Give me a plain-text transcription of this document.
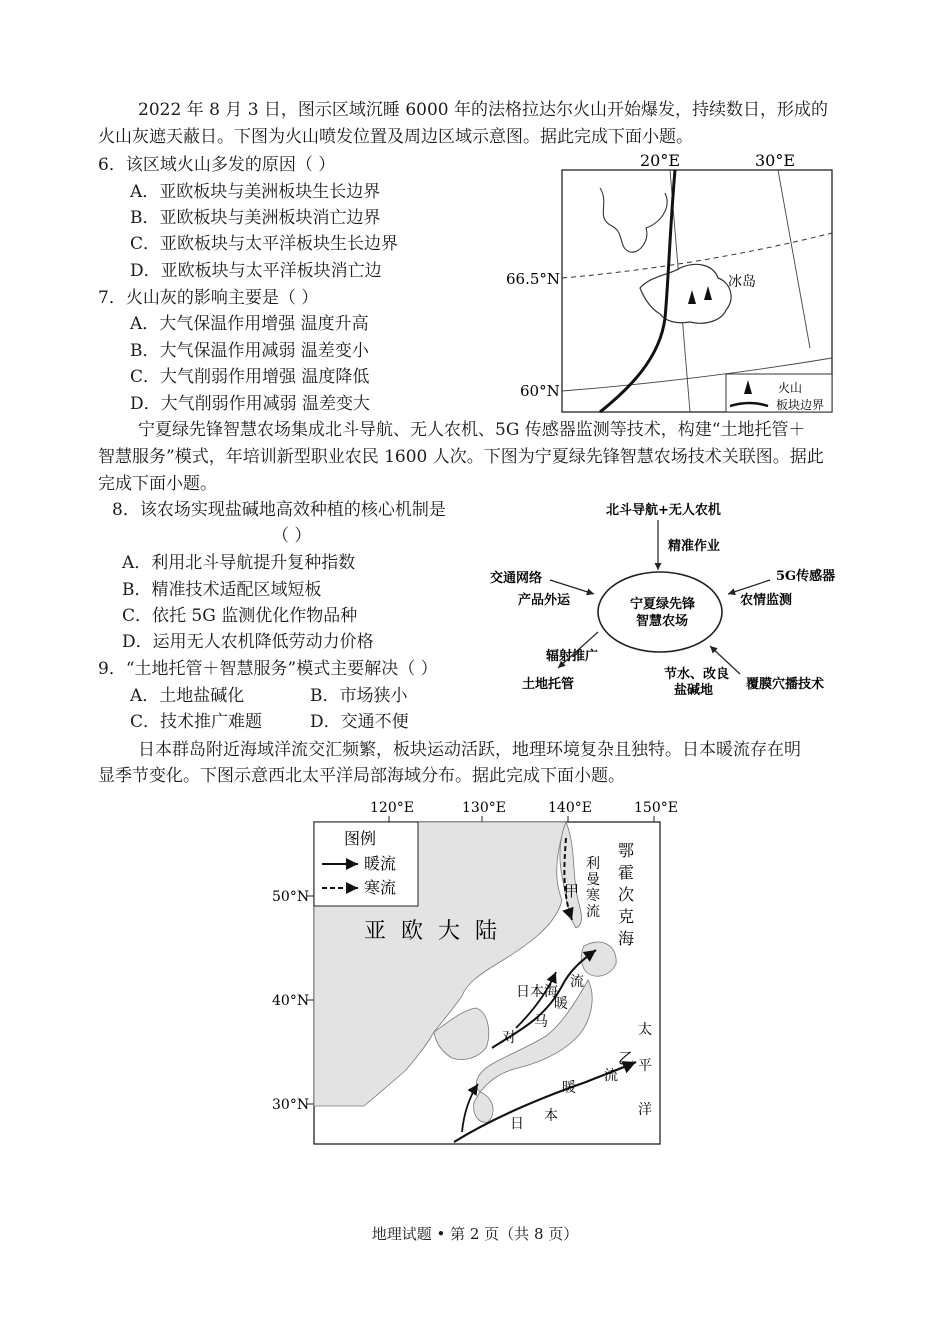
2022 年 8 月 3 日，图示区域沉睡 6000 年的法格拉达尔火山开始爆发，持续数日，形成的
火山灰遮天蔽日。下图为火山喷发位置及周边区域示意图。据此完成下面小题。
6．该区域火山多发的原因（ ）
A．亚欧板块与美洲板块生长边界
B．亚欧板块与美洲板块消亡边界
C．亚欧板块与太平洋板块生长边界
D．亚欧板块与太平洋板块消亡边
7．火山灰的影响主要是（ ）
A．大气保温作用增强 温度升高
B．大气保温作用减弱 温差变小
C．大气削弱作用增强 温度降低
D．大气削弱作用减弱 温差变大
20°E	30°E
66.5°N
60°N
冰岛
火山
板块边界
宁夏绿先锋智慧农场集成北斗导航、无人农机、5G 传感器监测等技术，构建“土地托管＋
智慧服务”模式，年培训新型职业农民 1600 人次。下图为宁夏绿先锋智慧农场技术关联图。据此
完成下面小题。
8．该农场实现盐碱地高效种植的核心机制是
（ ）
A．利用北斗导航提升复种指数
B．精准技术适配区域短板
C．依托 5G 监测优化作物品种
D．运用无人农机降低劳动力价格
北斗导航+无人农机
精准作业
宁夏绿先锋
智慧农场
交通网络
产品外运
5G传感器
农情监测
辐射推广
土地托管
节水、改良
盐碱地	覆膜穴播技术
9．“土地托管＋智慧服务”模式主要解决（ ）
A．土地盐碱化	B．市场狭小
C．技术推广难题	D．交通不便
日本群岛附近海域洋流交汇频繁，板块运动活跃，地理环境复杂且独特。日本暖流存在明
显季节变化。下图示意西北太平洋局部海域分布。据此完成下面小题。
120°E	130°E	140°E	150°E
50°N
40°N
30°N
图例
暖流
寒流
亚 欧 大 陆
鄂
霍
次
克
海
利
曼
寒
流
甲
日本海
对
马
暖
流
太
平
洋
乙
日 本
暖
流
地理试题 • 第 2 页（共 8 页）
